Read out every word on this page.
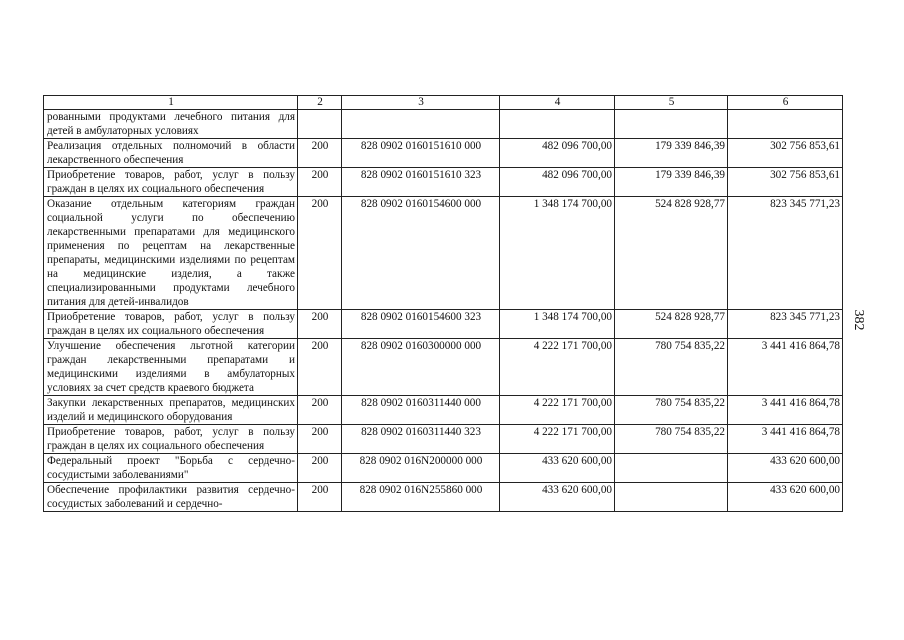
1	2	3	4	5	6
рованными продуктами лечебного питания для детей в амбулаторных условиях					
Реализация отдельных полномочий в области лекарственного обеспечения	200	828 0902 0160151610 000	482 096 700,00	179 339 846,39	302 756 853,61
Приобретение товаров, работ, услуг в пользу граждан в целях их социального обеспечения	200	828 0902 0160151610 323	482 096 700,00	179 339 846,39	302 756 853,61
Оказание отдельным категориям граждан социальной услуги по обеспечению лекарственными препаратами для медицинского применения по рецептам на лекарственные препараты, медицинскими изделиями по рецептам на медицинские изделия, а также специализированными продуктами лечебного питания для детей-инвалидов	200	828 0902 0160154600 000	1 348 174 700,00	524 828 928,77	823 345 771,23
Приобретение товаров, работ, услуг в пользу граждан в целях их социального обеспечения	200	828 0902 0160154600 323	1 348 174 700,00	524 828 928,77	823 345 771,23
Улучшение обеспечения льготной категории граждан лекарственными препаратами и медицинскими изделиями в амбулаторных условиях за счет средств краевого бюджета	200	828 0902 0160300000 000	4 222 171 700,00	780 754 835,22	3 441 416 864,78
Закупки лекарственных препаратов, медицинских изделий и медицинского оборудования	200	828 0902 0160311440 000	4 222 171 700,00	780 754 835,22	3 441 416 864,78
Приобретение товаров, работ, услуг в пользу граждан в целях их социального обеспечения	200	828 0902 0160311440 323	4 222 171 700,00	780 754 835,22	3 441 416 864,78
Федеральный проект "Борьба с сердечно-сосудистыми заболеваниями"	200	828 0902 016N200000 000	433 620 600,00		433 620 600,00
Обеспечение профилактики развития сердечно-сосудистых заболеваний и сердечно-	200	828 0902 016N255860 000	433 620 600,00		433 620 600,00
382
